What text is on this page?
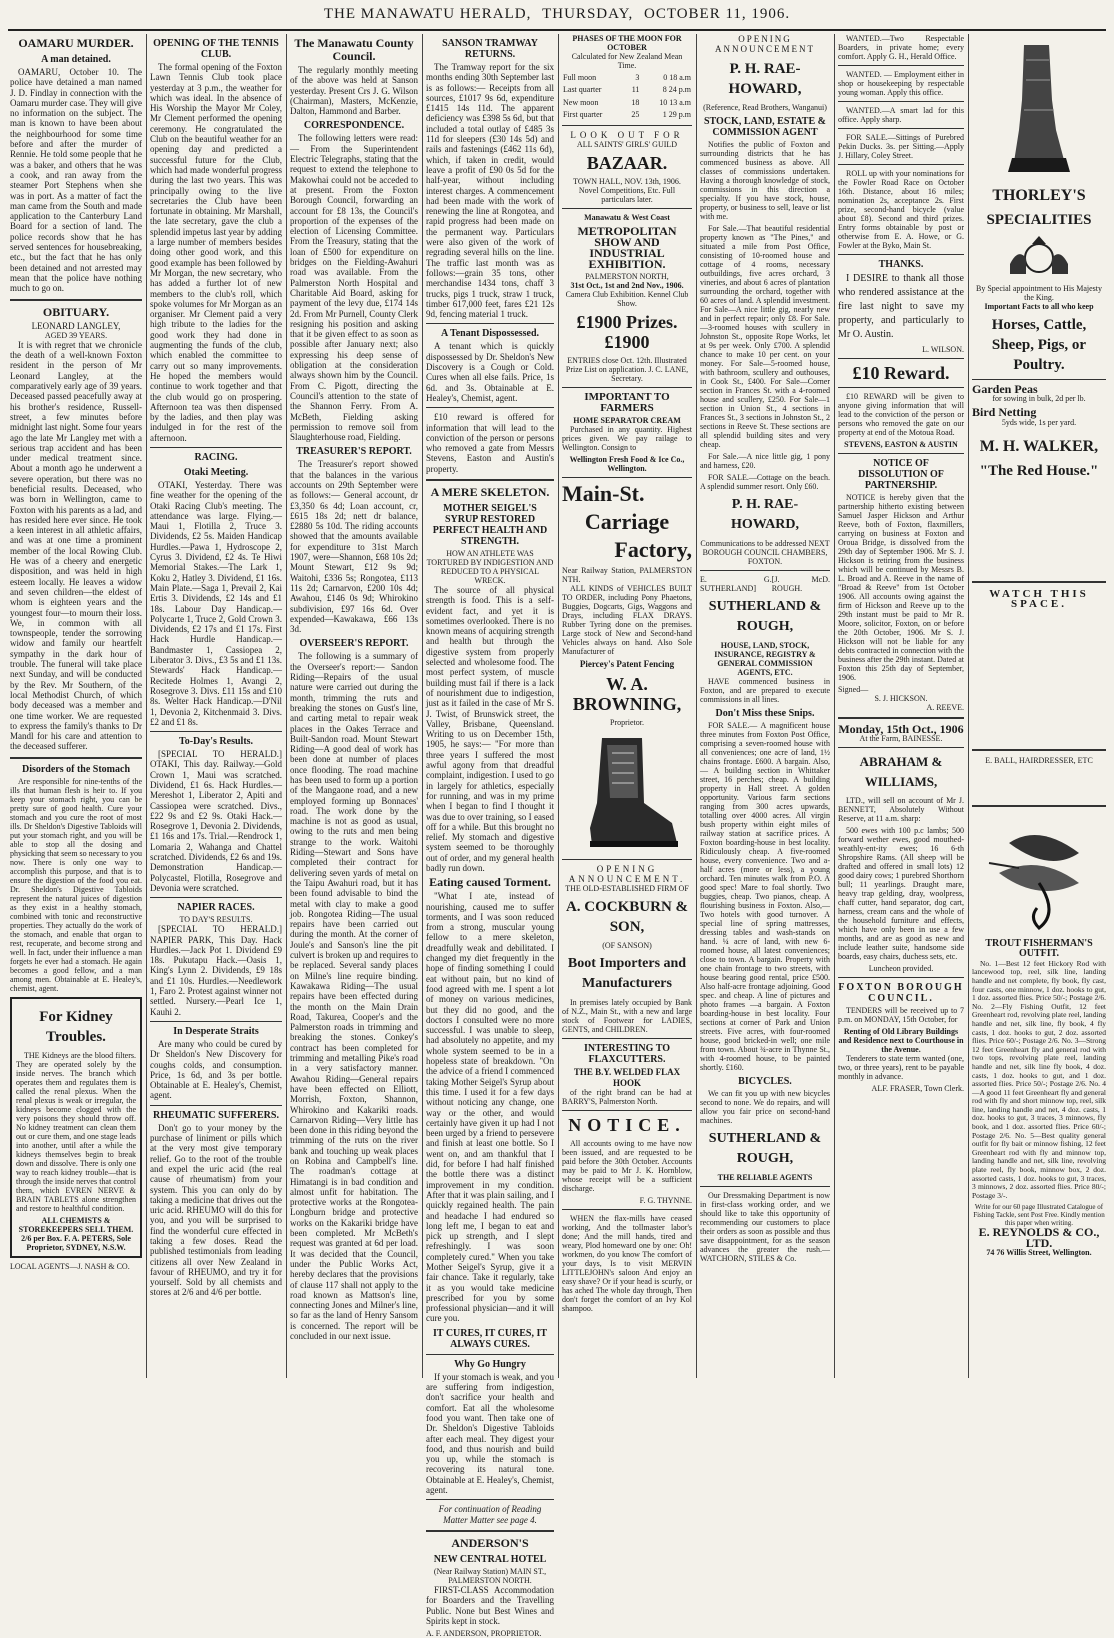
THE MANAWATU HERALD, THURSDAY, OCTOBER 11, 1906.
OAMARU MURDER.
A man detained.

OAMARU, October 10. The police have detained a man named J. D. Findlay in connection with the Oamaru murder case. They will give no information on the subject. The man is known to have been about the neighbourhood for some time before and after the murder of Rennie. He told some people that he was a baker, and others that he was a cook, and ran away from the steamer Port Stephens when she was in port. As a matter of fact the man came from the South and made application to the Canterbury Land Board for a section of land. The police records show that he has served sentences for housebreaking, etc., but the fact that he has only been detained and not arrested may mean that the police have nothing much to go on.

OBITUARY.
LEONARD LANGLEY,
AGED 39 YEARS.

It is with regret that we chronicle the death of a well-known Foxton resident in the person of Mr Leonard Langley, at the comparatively early age of 39 years. Deceased passed peacefully away at his brother's residence, Russell-street, a few minutes before midnight last night. Some four years ago the late Mr Langley met with a serious trap accident and has been under medical treatment since. About a month ago he underwent a severe operation, but there was no beneficial results. Deceased, who was born in Wellington, came to Foxton with his parents as a lad, and has resided here ever since. He took a keen interest in all athletic affairs, and was at one time a prominent member of the local Rowing Club. He was of a cheery and energetic disposition, and was held in high esteem locally. He leaves a widow and seven children—the eldest of whom is eighteen years and the youngest four—to mourn their loss. We, in common with all townspeople, tender the sorrowing widow and family our heartfelt sympathy in the dark hour of trouble. The funeral will take place next Sunday, and will be conducted by the Rev. Mr Southern, of the local Methodist Church, of which body deceased was a member and one time worker. We are requested to express the family's thanks to Dr Mandl for his care and attention to the deceased sufferer.

Disorders of the Stomach

Are responsible for nine-tenths of the ills that human flesh is heir to. If you keep your stomach right, you can be pretty sure of good health. Cure your stomach and you cure the root of most ills. Dr Sheldon's Digestive Tabloids will put your stomach right, and you will be able to stop all the dosing and physicking that seem so necessary to you now. There is only one way to accomplish this purpose, and that is to ensure the digestion of the food you eat. Dr. Sheldon's Digestive Tabloids represent the natural juices of digestion as they exist in a healthy stomach, combined with tonic and reconstructive properties. They actually do the work of the stomach, and enable that organ to rest, recuperate, and become strong and well. In fact, under their influence a man forgets he ever had a stomach. He again becomes a good fellow, and a man among men. Obtainable at E. Healey's, chemist, agent.

For Kidney Troubles.

THE Kidneys are the blood filters. They are operated solely by the inside nerves. The branch which operates them and regulates them is called the renal plexus. When the renal plexus is weak or irregular, the kidneys become clogged with the very poisons they should throw off. No kidney treatment can clean them out or cure them, and one stage leads into another, until after a while the kidneys themselves begin to break down and dissolve. There is only one way to reach kidney trouble—that is through the inside nerves that control them, which EVREN NERVE & BRAIN TABLETS alone strengthen and restore to healthful condition.

ALL CHEMISTS & STOREKEEPERS SELL THEM. 2/6 per Box. F. A. PETERS, Sole Proprietor, SYDNEY, N.S.W.
LOCAL AGENTS—J. NASH & CO.
OPENING OF THE TENNIS CLUB.

The formal opening of the Foxton Lawn Tennis Club took place yesterday at 3 p.m., the weather for which was ideal. In the absence of His Worship the Mayor Mr Coley, Mr Clement performed the opening ceremony. He congratulated the Club on the beautiful weather for an opening day and predicted a successful future for the Club, which had made wonderful progress during the last two years. This was principally owing to the live secretaries the Club have been fortunate in obtaining. Mr Marshall, the late secretary, gave the club a splendid impetus last year by adding a large number of members besides doing other good work, and this good example has been followed by Mr Morgan, the new secretary, who has added a further lot of new members to the club's roll, which spoke volumes for Mr Morgan as an organiser. Mr Clement paid a very high tribute to the ladies for the good work they had done in augmenting the funds of the club, which enabled the committee to carry out so many improvements. He hoped the members would continue to work together and that the club would go on prospering. Afternoon tea was then dispensed by the ladies, and then play was indulged in for the rest of the afternoon.

RACING.
Otaki Meeting.

OTAKI, Yesterday. There was fine weather for the opening of the Otaki Racing Club's meeting. The attendance was large. Flying.—Maui 1, Flotilla 2, Truce 3. Dividends, £2 5s. Maiden Handicap Hurdles.—Pawa 1, Hydroscope 2, Cyrus 3. Dividend, £2 4s. Te Hiwi Memorial Stakes.—The Lark 1, Koku 2, Hatley 3. Dividend, £1 16s. Main Plate.—Saga 1, Prevail 2, Kai Ertis 3. Dividends, £2 14s and £1 18s. Labour Day Handicap.—Polycarte 1, Truce 2, Gold Crown 3. Dividends, £2 17s and £1 17s. First Hack Hurdle Handicap.—Bandmaster 1, Cassiopea 2, Liberator 3. Divs., £3 5s and £1 13s. Stewards' Hack Handicap.—Recitede Holmes 1, Avangi 2, Rosegrove 3. Divs. £11 15s and £10 8s. Welter Hack Handicap.—D'Nil 1, Devonia 2, Kitchenmaid 3. Divs. £2 and £1 8s.

To-Day's Results.

[SPECIAL TO HERALD.] OTAKI, This day. Railway.—Gold Crown 1, Maui was scratched. Dividend, £1 6s. Hack Hurdles.—Mereshot 1, Liberator 2, Apiti and Cassiopea were scratched. Divs., £22 9s and £2 9s. Otaki Hack.—Rosegrove 1, Devonia 2. Dividends, £1 16s and 17s. Trial.—Rendrock 1, Lomaria 2, Wahanga and Chattel scratched. Dividends, £2 6s and 19s. Demonstration Handicap.—Polycastel, Flotilla, Rosegrove and Devonia were scratched.

NAPIER RACES.
TO DAY'S RESULTS.

[SPECIAL TO HERALD.] NAPIER PARK, This Day. Hack Hurdles.—Jack Pot 1. Dividend £9 18s. Pukutapu Hack.—Oasis 1, King's Lynn 2. Dividends, £9 18s and £1 10s. Hurdles.—Needlework 1, Faro 2. Protest against winner not settled. Nursery.—Pearl Ice 1, Kauhi 2.

In Desperate Straits

Are many who could be cured by Dr Sheldon's New Discovery for coughs colds, and consumption. Price, 1s 6d, and 3s per bottle. Obtainable at E. Healey's, Chemist, agent.

RHEUMATIC SUFFERERS.

Don't go to your money by the purchase of liniment or pills which at the very most give temporary relief. Go to the root of the trouble and expel the uric acid (the real cause of rheumatism) from your system. This you can only do by taking a medicine that drives out the uric acid. RHEUMO will do this for you, and you will be surprised to find the wonderful cure effected in taking a few doses. Read the published testimonials from leading citizens all over New Zealand in favour of RHEUMO, and try it for yourself. Sold by all chemists and stores at 2/6 and 4/6 per bottle.

The Manawatu County Council.

The regularly monthly meeting of the above was held at Sanson yesterday. Present Crs J. G. Wilson (Chairman), Masters, McKenzie, Dalton, Hammond and Barber.

CORRESPONDENCE.

The following letters were read:— From the Superintendent Electric Telegraphs, stating that the request to extend the telephone to Makowhai could not be acceded to at present. From the Foxton Borough Council, forwarding an account for £8 13s, the Council's proportion of the expenses of the election of Licensing Committee. From the Treasury, stating that the loan of £500 for expenditure on bridges on the Fielding-Awahuri road was available. From the Palmerston North Hospital and Charitable Aid Board, asking for payment of the levy due, £174 14s 2d. From Mr Purnell, County Clerk resigning his position and asking that it be given effect to as soon as possible after January next; also expressing his deep sense of obligation at the consideration always shown him by the Council. From C. Pigott, directing the Council's attention to the state of the Shannon Ferry. From A. McBeth, Fielding asking permission to remove soil from Slaughterhouse road, Fielding.

TREASURER'S REPORT.

The Treasurer's report showed that the balances in the various accounts on 29th September were as follows:— General account, dr £3,350 6s 4d; Loan account, cr, £615 18s 2d; nett dr balance, £2880 5s 10d. The riding accounts showed that the amounts available for expenditure to 31st March 1907, were—Shannon, £68 10s 2d; Mount Stewart, £12 9s 9d; Waitohi, £336 5s; Rongotea, £113 11s 2d; Carnarvon, £200 10s 4d; Awahou, £146 0s 9d; Whirokino subdivision, £97 16s 6d. Over expended—Kawakawa, £66 13s 3d.

OVERSEER'S REPORT.

The following is a summary of the Overseer's report:— Sandon Riding—Repairs of the usual nature were carried out during the month, trimming the ruts and breaking the stones on Gust's line, and carting metal to repair weak places in the Oakes Terrace and Built-Sandon road. Mount Stewart Riding—A good deal of work has been done at number of places once flooding. The road machine has been used to form up a portion of the Mangaone road, and a new employed forming up Bonnaces' road. The work done by the machine is not as good as usual, owing to the ruts and men being strange to the work. Waitohi Riding—Stewart and Sons have completed their contract for delivering seven yards of metal on the Taipu Awahuri road, but it has been found advisable to bind the metal with clay to make a good job. Rongotea Riding—The usual repairs have been carried out during the month. At the corner of Joule's and Sanson's line the pit culvert is broken up and requires to be replaced. Several sandy places on Milne's line require binding. Kawakawa Riding—The usual repairs have been effected during the month on the Main Drain Road, Takurea, Cooper's and the Palmerston roads in trimming and breaking the stones. Conkey's contract has been completed for trimming and metalling Pike's road in a very satisfactory manner. Awahou Riding—General repairs have been effected on Elliott, Morrish, Foxton, Shannon, Whirokino and Kakariki roads. Carnarvon Riding—Very little has been done in this riding beyond the trimming of the ruts on the river bank and touching up weak places on Robina and Campbell's line. The roadman's cottage at Himatangi is in bad condition and almost unfit for habitation. The protective works at the Rongotea-Longburn bridge and protective works on the Kakariki bridge have been completed. Mr McBeth's request was granted at 6d per load. It was decided that the Council, under the Public Works Act, hereby declares that the provisions of clause 117 shall not apply to the road known as Mattson's line, connecting Jones and Milner's line, so far as the land of Henry Sansom is concerned. The report will be concluded in our next issue.

SANSON TRAMWAY RETURNS.

The Tramway report for the six months ending 30th September last is as follows:— Receipts from all sources, £1017 9s 6d, expenditure £1415 14s 11d. The apparent deficiency was £398 5s 6d, but that included a total outlay of £485 3s 11d for sleepers (£30 14s 5d) and rails and fastenings (£462 11s 6d), which, if taken in credit, would leave a profit of £90 0s 5d for the half-year, without including interest charges. A commencement had been made with the work of renewing the line at Rongotea, and rapid progress had been made on the permanent way. Particulars were also given of the work of regrading several hills on the line. The traffic last month was as follows:—grain 35 tons, other merchandise 1434 tons, chaff 3 trucks, pigs 1 truck, straw 1 truck, timber 617,000 feet, fares £21 12s 9d, fencing material 1 truck.

A Tenant Dispossessed.

A tenant which is quickly dispossessed by Dr. Sheldon's New Discovery is a Cough or Cold. Cures when all else fails. Price, 1s 6d. and 3s. Obtainable at E. Healey's, Chemist, agent.

£10 reward is offered for information that will lead to the conviction of the person or persons who removed a gate from Messrs Stevens, Easton and Austin's property.

A MERE SKELETON.
MOTHER SEIGEL'S SYRUP RESTORED PERFECT HEALTH AND STRENGTH.
HOW AN ATHLETE WAS TORTURED BY INDIGESTION AND REDUCED TO A PHYSICAL WRECK.

The source of all physical strength is food. This is a self-evident fact, and yet it is sometimes overlooked. There is no known means of acquiring strength and health but through the digestive system from properly selected and wholesome food. The most perfect system, of muscle building must fail if there is a lack of nourishment due to indigestion, just as it failed in the case of Mr S. J. Twist, of Brunswick street, the Valley, Brisbane, Queensland. Writing to us on December 15th, 1905, he says:— "For more than three years I suffered the most awful agony from that dreadful complaint, indigestion. I used to go in largely for athletics, especially for running, and was in my prime when I began to find I thought it was due to over training, so I eased off for a while. But this brought no relief. My stomach and digestive system seemed to be thoroughly out of order, and my general health badly run down.

Eating caused Torment.

"What I ate, instead of nourishing, caused me to suffer torments, and I was soon reduced from a strong, muscular young fellow to a mere skeleton, dreadfully weak and debilitated. I changed my diet frequently in the hope of finding something I could eat without pain, but no kind of food agreed with me. I spent a lot of money on various medicines, but they did no good, and the doctors I consulted were no more successful. I was unable to sleep, had absolutely no appetite, and my whole system seemed to be in a hopeless state of breakdown. "On the advice of a friend I commenced taking Mother Seigel's Syrup about this time. I used it for a few days without noticing any change, one way or the other, and would certainly have given it up had I not been urged by a friend to persevere and finish at least one bottle. So I went on, and am thankful that I did, for before I had half finished the bottle there was a distinct improvement in my condition. After that it was plain sailing, and I quickly regained health. The pain and headache I had endured so long left me, I began to eat and pick up strength, and I slept refreshingly. I was soon completely cured." When you take Mother Seigel's Syrup, give it a fair chance. Take it regularly, take it as you would take medicine prescribed for you by some professional physician—and it will cure you.

IT CURES, IT CURES, IT ALWAYS CURES.
Why Go Hungry

If your stomach is weak, and you are suffering from indigestion, don't sacrifice your health and comfort. Eat all the wholesome food you want. Then take one of Dr. Sheldon's Digestive Tabloids after each meal. They digest your food, and thus nourish and build you up, while the stomach is recovering its natural tone. Obtainable at E. Healey's, Chemist, agent.

For continuation of Reading Matter Matter see page 4.
ANDERSON'S
NEW CENTRAL HOTEL
(Near Railway Station) MAIN ST., PALMERSTON NORTH.

FIRST-CLASS Accommodation for Boarders and the Travelling Public. None but Best Wines and Spirits kept in stock.

A. F. ANDERSON, PROPRIETOR.
PHASES OF THE MOON FOR OCTOBER
Calculated for New Zealand Mean Time.
Full moon	3	0 18 a.m
Last quarter	11	8 24 p.m
New moon	18	10 13 a.m
First quarter	25	1 29 p.m
LOOK OUT FOR
ALL SAINTS' GIRLS' GUILD
BAZAAR.
TOWN HALL, NOV. 13th, 1906.
Novel Competitions, Etc. Full particulars later.
Manawatu & West Coast
METROPOLITAN SHOW AND INDUSTRIAL EXHIBITION.
PALMERSTON NORTH,
31st Oct., 1st and 2nd Nov., 1906.
Camera Club Exhibition. Kennel Club Show.
£1900 Prizes. £1900
ENTRIES close Oct. 12th. Illustrated Prize List on application. J. C. LANE, Secretary.
IMPORTANT TO FARMERS
HOME SEPARATOR CREAM

Purchased in any quantity. Highest prices given. We pay railage to Wellington. Consign to

Wellington Fresh Food & Ice Co., Wellington.
Main-St.
Carriage
Factory,
Near Railway Station, PALMERSTON NTH.

ALL KINDS of VEHICLES BUILT TO ORDER, including Pony Phaetons, Buggies, Dogcarts, Gigs, Waggons and Drays, including FLAX DRAYS. Rubber Tyring done on the premises. Large stock of New and Second-hand Vehicles always on hand. Also Sole Manufacturer of

Piercey's Patent Fencing
W. A. BROWNING,
Proprietor.
OPENING ANNOUNCEMENT.
THE OLD-ESTABLISHED FIRM OF
A. COCKBURN & SON,
(OF SANSON)
Boot Importers and Manufacturers

In premises lately occupied by Bank of N.Z., Main St., with a new and large stock of Footwear for LADIES, GENTS, and CHILDREN.

INTERESTING TO FLAXCUTTERS.
THE B.Y. WELDED FLAX HOOK

of the right brand can be had at BARRY'S, Palmerston North.

NOTICE.

All accounts owing to me have now been issued, and are requested to be paid before the 30th October. Accounts may be paid to Mr J. K. Hornblow, whose receipt will be a sufficient discharge.

F. G. THYNNE.

WHEN the flax-mills have ceased working, And the tollmaster labor's done; And the mill hands, tired and weary, Plod homeward one by one: Oh! workmen, do you know The comfort of your days, Is to visit MERVIN LITTLEJOHN's saloon And enjoy an easy shave? Or if your head is scurfy, or has ached The whole day through, Then don't forget the comfort of an Ivy Kol shampoo.

OPENING ANNOUNCEMENT
P. H. RAE-HOWARD,
(Reference, Read Brothers, Wanganui)
STOCK, LAND, ESTATE & COMMISSION AGENT

Notifies the public of Foxton and surrounding districts that he has commenced business as above. All classes of commissions undertaken. Having a thorough knowledge of stock, commissions in this direction a specialty. If you have stock, house, property, or business to sell, leave or list with me.

For Sale.—That beautiful residential property known as "The Pines," and situated a mile from Post Office, consisting of 10-roomed house and cottage of 4 rooms, necessary outbuildings, five acres orchard, 3 vineries, and about 6 acres of plantation surrounding the orchard, together with 60 acres of land. A splendid investment. For Sale—A nice little gig, nearly new and in perfect repair; only £8. For Sale.—3-roomed houses with scullery in Johnston St., opposite Rope Works, let at 9s per week. Only £700. A splendid chance to make 10 per cent. on your money. For Sale—5-roomed house, with bathroom, scullery and outhouses, in Cook St., £400. For Sale—Corner section in Frances St. with a 4-roomed house and scullery, £250. For Sale—1 section in Union St., 4 sections in Frances St., 3 sections in Johnston St., 2 sections in Reeve St. These sections are all splendid building sites and very cheap.

For Sale.—A nice little gig, 1 pony and harness, £20.

FOR SALE.—Cottage on the beach. A splendid summer resort. Only £60.

P. H. RAE-HOWARD,
Communications to be addressed NEXT BOROUGH COUNCIL CHAMBERS, FOXTON.
E. G. SUTHERLAND]
[J. McD. ROUGH.
SUTHERLAND & ROUGH,
HOUSE, LAND, STOCK, INSURANCE, REGISTRY & GENERAL COMMISSION AGENTS, ETC.

HAVE commenced business in Foxton, and are prepared to execute commissions in all lines.

Don't Miss these Snips.

FOR SALE.— A magnificent house three minutes from Foxton Post Office, comprising a seven-roomed house with all conveniences; one acre of land, 1½ chains frontage. £600. A bargain. Also, — A building section in Whittaker street, 16 perches; cheap. A building property in Hall street. A golden opportunity. Various farm sections ranging from 300 acres upwards, totalling over 4000 acres. All virgin bush property within eight miles of railway station at sacrifice prices. A Foxton boarding-house in best locality. Ridiculously cheap. A five-roomed house, every convenience. Two and a-half acres (more or less), a young orchard. Ten minutes walk from P.O. A good spec! Mare to foal shortly. Two buggies, cheap. Two pianos, cheap. A flourishing business in Foxton. Also,—Two hotels with good turnover. A special line of spring mattresses, dressing tables and wash-stands on hand. ¼ acre of land, with new 6-roomed house, all latest conveniences; close to town. A bargain. Property with one chain frontage to two streets, with house bearing good rental, price £500. Also half-acre frontage adjoining. Good spec. and cheap. A line of pictures and photo frames —a bargain. A Foxton boarding-house in best locality. Four sections at corner of Park and Union streets. Five acres, with four-roomed house, good bricked-in well; one mile from town. About ¾-acre in Thynne St., with 4-roomed house, to be painted shortly. £160.

BICYCLES.

We can fit you up with new bicycles second to none. We do repairs, and will allow you fair price on second-hand machines.

SUTHERLAND & ROUGH,
THE RELIABLE AGENTS

Our Dressmaking Department is now in first-class working order, and we should like to take this opportunity of recommending our customers to place their orders as soon as possible and thus save disappointment, for as the season advances the greater the rush.—WATCHORN, STILES & Co.

WANTED.—Two Respectable Boarders, in private home; every comfort. Apply G. H., Herald Office.

WANTED. — Employment either in shop or housekeeping by respectable young woman. Apply this office.

WANTED.—A smart lad for this office. Apply sharp.

FOR SALE.—Sittings of Purebred Pekin Ducks. 3s. per Sitting.—Apply J. Hillary, Coley Street.

ROLL up with your nominations for the Fowler Road Race on October 16th. Distance, about 16 miles; nomination 2s, acceptance 2s. First prize, second-hand bicycle (value about £8). Second and third prizes. Entry forms obtainable by post or otherwise from E. A. Howe, or G. Fowler at the Byko, Main St.

THANKS.

I DESIRE to thank all those who rendered assistance at the fire last night to save my property, and particularly to Mr O. Austin.

L. WILSON.
£10 Reward.

£10 REWARD will be given to anyone giving information that will lead to the conviction of the person or persons who removed the gate on our property at end of the Motoua Road.

STEVENS, EASTON & AUSTIN
NOTICE OF DISSOLUTION OF PARTNERSHIP.

NOTICE is hereby given that the partnership hitherto existing between Samuel Jasper Hickson and Arthur Reeve, both of Foxton, flaxmillers, carrying on business at Foxton and Oroua Bridge, is dissolved from the 29th day of September 1906. Mr S. J. Hickson is retiring from the business which will be continued by Messrs B. L. Broad and A. Reeve in the name of "Broad & Reeve" from 1st October 1906. All accounts owing against the firm of Hickson and Reeve up to the 29th instant must be paid to Mr R. Moore, solicitor, Foxton, on or before the 20th October, 1906. Mr S. J. Hickson will not be liable for any debts contracted in connection with the business after the 29th instant. Dated at Foxton this 25th day of September, 1906.

Signed—
S. J. HICKSON.
A. REEVE.
Monday, 15th Oct., 1906
At the Farm, BAINESSE.
ABRAHAM & WILLIAMS,

LTD., will sell on account of Mr J. BENNETT, Absolutely Without Reserve, at 11 a.m. sharp:

500 ewes with 100 p.c lambs; 500 forward wether ewes, good mouthed-weathly-ent-ity ewes; 16 6-th Shropshire Rams. (All sheep will be drafted and offered in small lots) 12 good dairy cows; 1 purebred Shorthorn bull; 11 yearlings. Draught mare, heavy trap gelding, dray, woolpress, chaff cutter, hand separator, dog cart, harness, cream cans and the whole of the household furniture and effects, which have only been in use a few months, and are as good as new and include leather suite, handsome side boards, easy chairs, duchess sets, etc.

Luncheon provided.
FOXTON BOROUGH COUNCIL.

TENDERS will be received up to 7 p.m. on MONDAY, 15th October, for

Renting of Old Library Buildings and Residence next to Courthouse in the Avenue.

Tenderers to state term wanted (one, two, or three years), rent to be payable monthly in advance.

ALF. FRASER, Town Clerk.
THORLEY'S
SPECIALITIES
By Special appointment to His Majesty the King.
Important Facts to all who keep
Horses, Cattle, Sheep, Pigs, or Poultry.
Garden Peas
for sowing in bulk, 2d per lb.
Bird Netting
5yds wide, 1s per yard.
M. H. WALKER,
"The Red House."
WATCH THIS SPACE.
E. BALL, HAIRDRESSER, ETC
TROUT FISHERMAN'S OUTFIT.

No. 1—Best 12 feet Hickory Rod with lancewood top, reel, silk line, landing handle and net complete, fly book, fly cast, four casts, one minnow, 1 doz. hooks to gut, 1 doz. assorted flies. Price 50/-; Postage 2/6. No. 2—Fly Fishing Outfit, 12 feet Greenheart rod, revolving plate reel, landing handle and net, silk line, fly book, 4 fly casts, 1 doz. hooks to gut, 2 doz. assorted flies. Price 60/-; Postage 2/6. No. 3—Strong 12 feet Greenheart fly and general rod with two tops, revolving plate reel, landing handle and net, silk line fly book, 4 doz. casts, 1 doz. hooks to gut, and 1 doz. assorted flies. Price 50/-; Postage 2/6. No. 4—A good 11 feet Greenheart fly and general rod with fly and short minnow top, reel, silk line, landing handle and net, 4 doz. casts, 1 doz. hooks to gut, 3 traces, 3 minnows, fly book, and 1 doz. assorted flies. Price 60/-; Postage 2/6. No. 5—Best quality general outfit for fly bait or minnow fishing, 12 feet Greenheart rod with fly and minnow top, landing handle and net, silk line, revolving plate reel, fly book, minnow box, 2 doz. assorted casts, 1 doz. hooks to gut, 3 traces, 3 minnows, 2 doz. assorted flies. Price 80/-; Postage 3/-.

Write for our 60 page Illustrated Catalogue of Fishing Tackle, sent Post Free. Kindly mention this paper when writing.
E. REYNOLDS & CO., LTD.
74 76 Willis Street, Wellington.
